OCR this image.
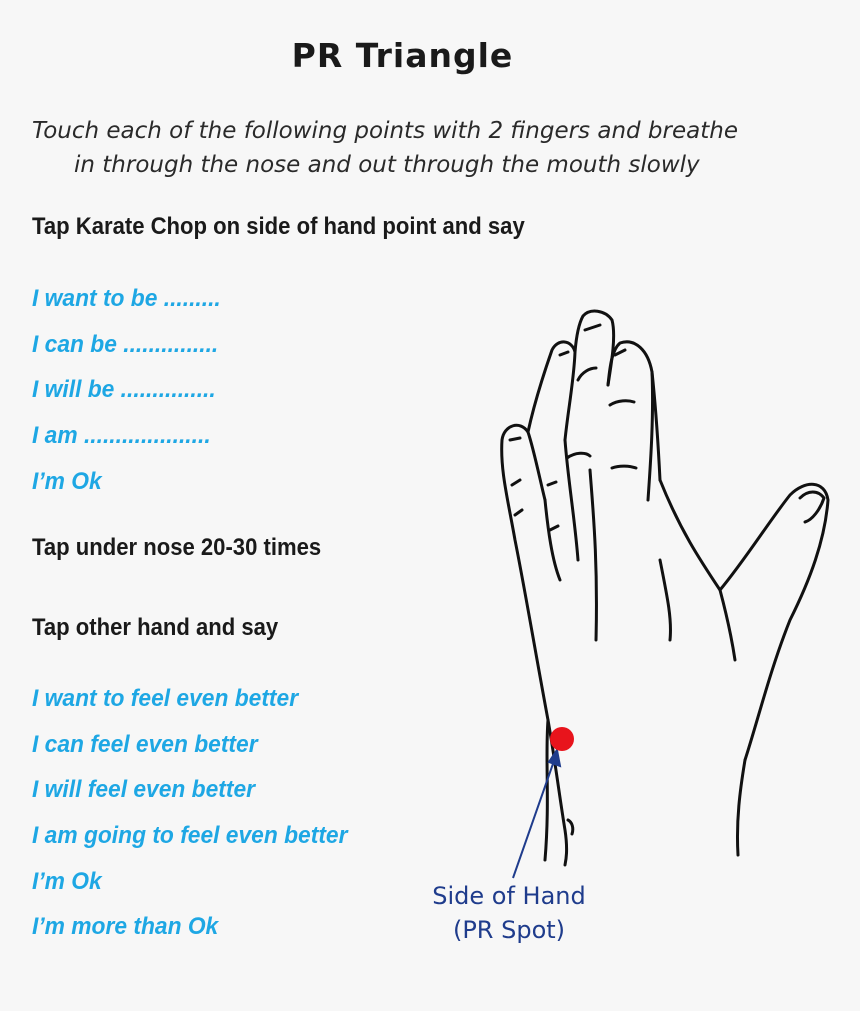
PR Triangle
Touch each of the following points with 2 fingers and breathe
in through the nose and out through the mouth slowly
Tap Karate Chop on side of hand point and say
I want to be .........
I can be ...............
I will be ...............
I am ....................
I’m Ok
Tap under nose 20-30 times
Tap other hand and say
I want to feel even better
I can feel even better
I will feel even better
I am going to feel even better
I’m Ok
I’m more than Ok
Side of Hand
(PR Spot)
